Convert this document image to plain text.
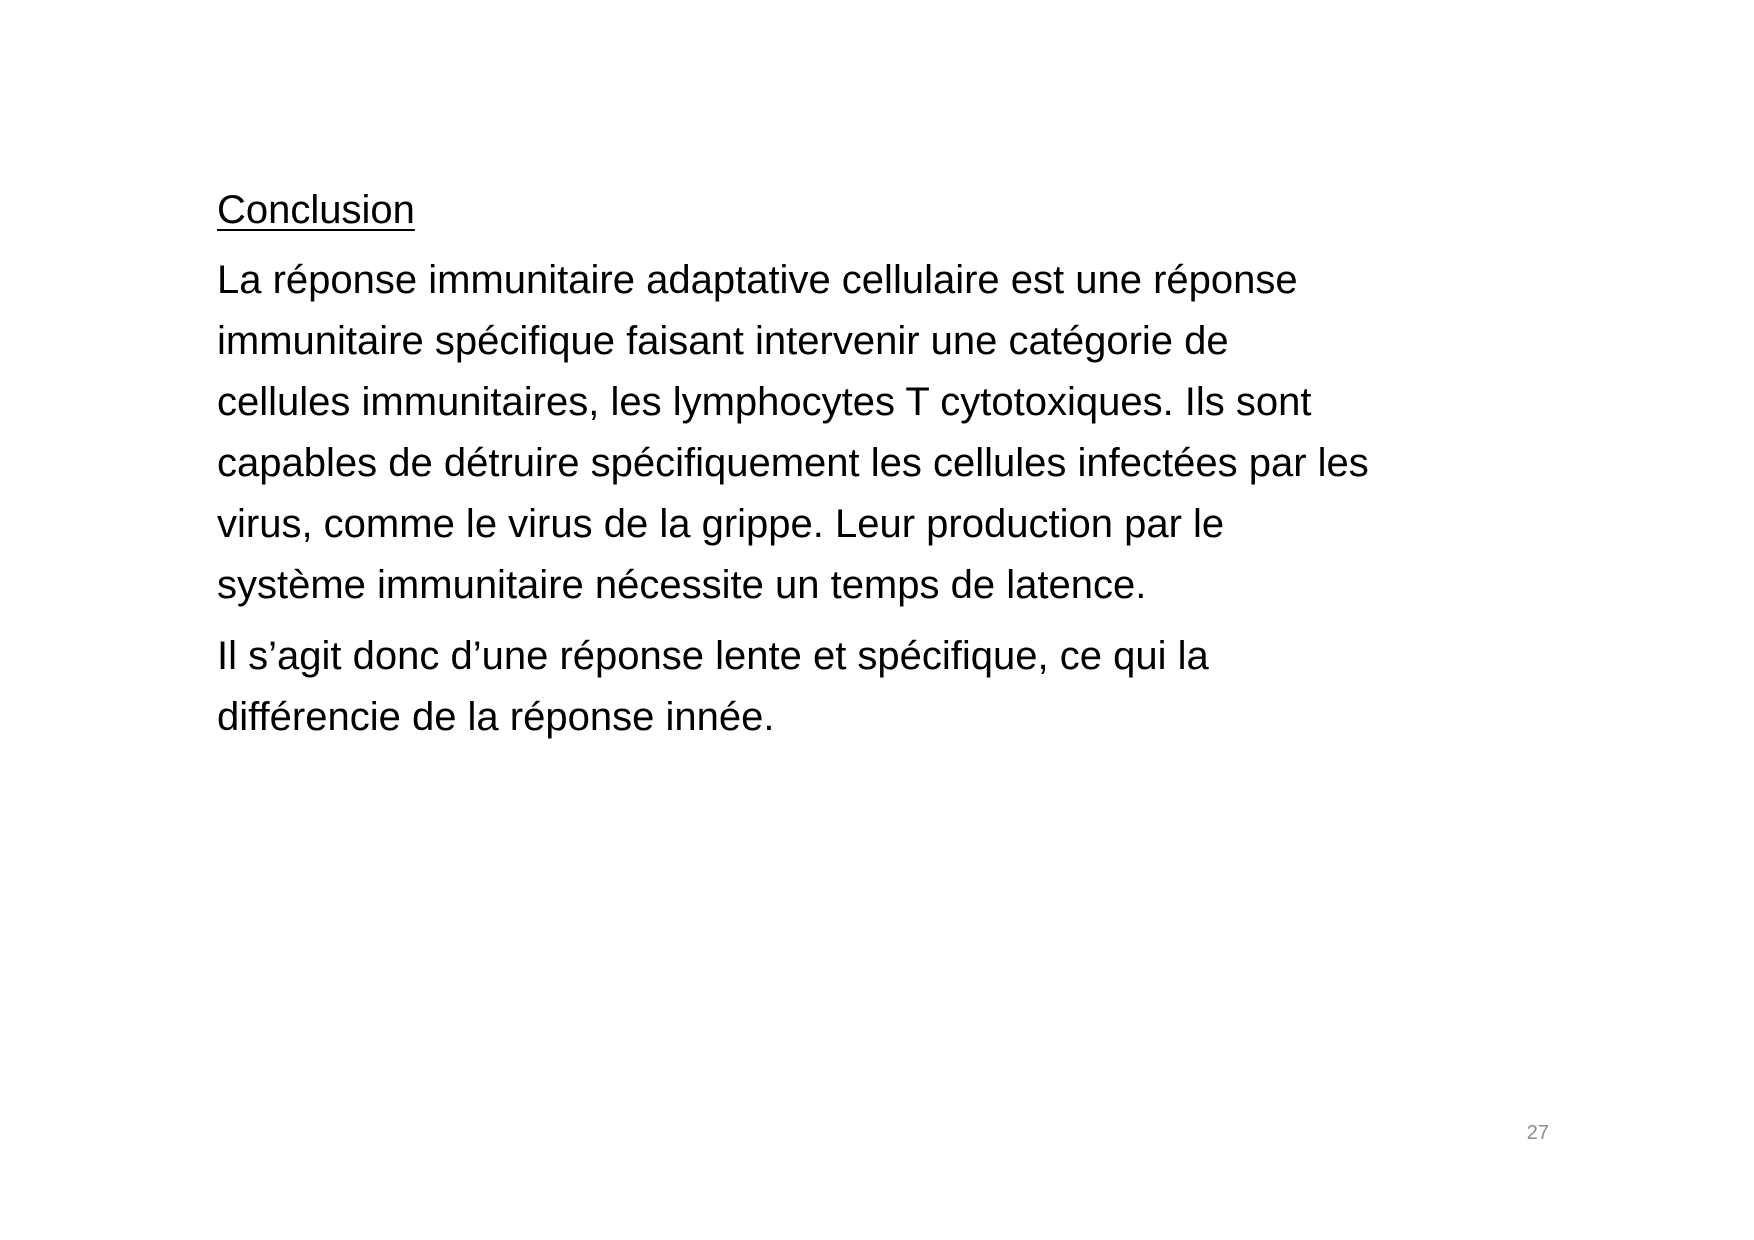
Conclusion
La réponse immunitaire adaptative cellulaire est une réponse
immunitaire spécifique faisant intervenir une catégorie de
cellules immunitaires, les lymphocytes T cytotoxiques. Ils sont
capables de détruire spécifiquement les cellules infectées par les
virus, comme le virus de la grippe. Leur production par le
système immunitaire nécessite un temps de latence.
Il s’agit donc d’une réponse lente et spécifique, ce qui la
différencie de la réponse innée.
27
